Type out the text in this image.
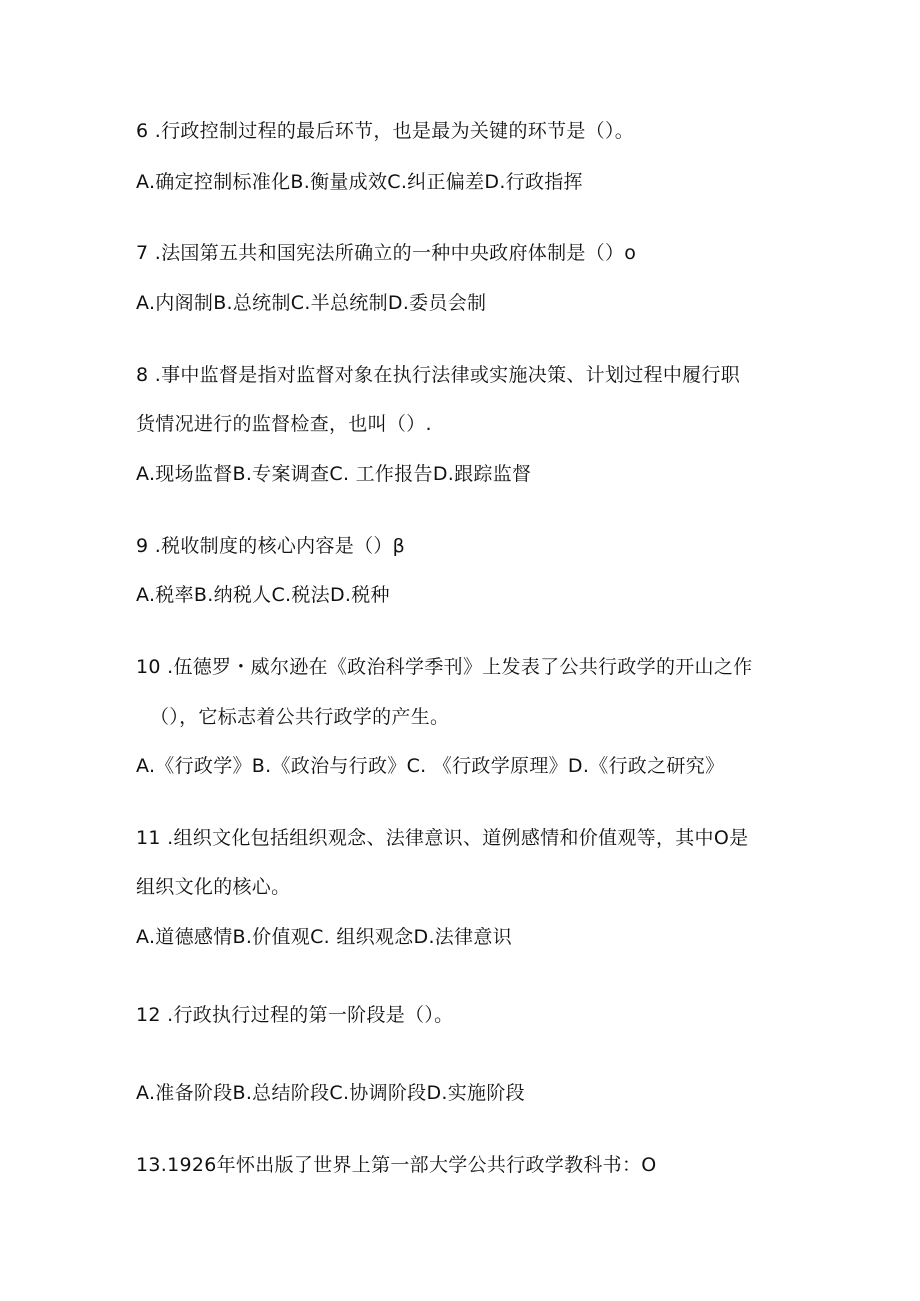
6 .行政控制过程的最后环节，也是最为关键的环节是（）。
A.确定控制标准化B.衡量成效C.纠正偏差D.行政指挥
7 .法国第五共和国宪法所确立的一种中央政府体制是（）o
A.内阁制B.总统制C.半总统制D.委员会制
8 .事中监督是指对监督对象在执行法律或实施决策、计划过程中履行职
货情况进行的监督检查，也叫（）.
A.现场监督B.专案调查C. 工作报告D.跟踪监督
9 .税收制度的核心内容是（）β
A.税率B.纳税人C.税法D.税种
10 .伍德罗・威尔逊在《政治科学季刊》上发表了公共行政学的开山之作
（），它标志着公共行政学的产生。
A.《行政学》B.《政治与行政》C. 《行政学原理》D.《行政之研究》
11 .组织文化包括组织观念、法律意识、道例感情和价值观等，其中O是
组织文化的核心。
A.道德感情B.价值观C. 组织观念D.法律意识
12 .行政执行过程的第一阶段是（）。
A.准备阶段B.总结阶段C.协调阶段D.实施阶段
13.1926年怀出版了世界上第一部大学公共行政学教科书：O
